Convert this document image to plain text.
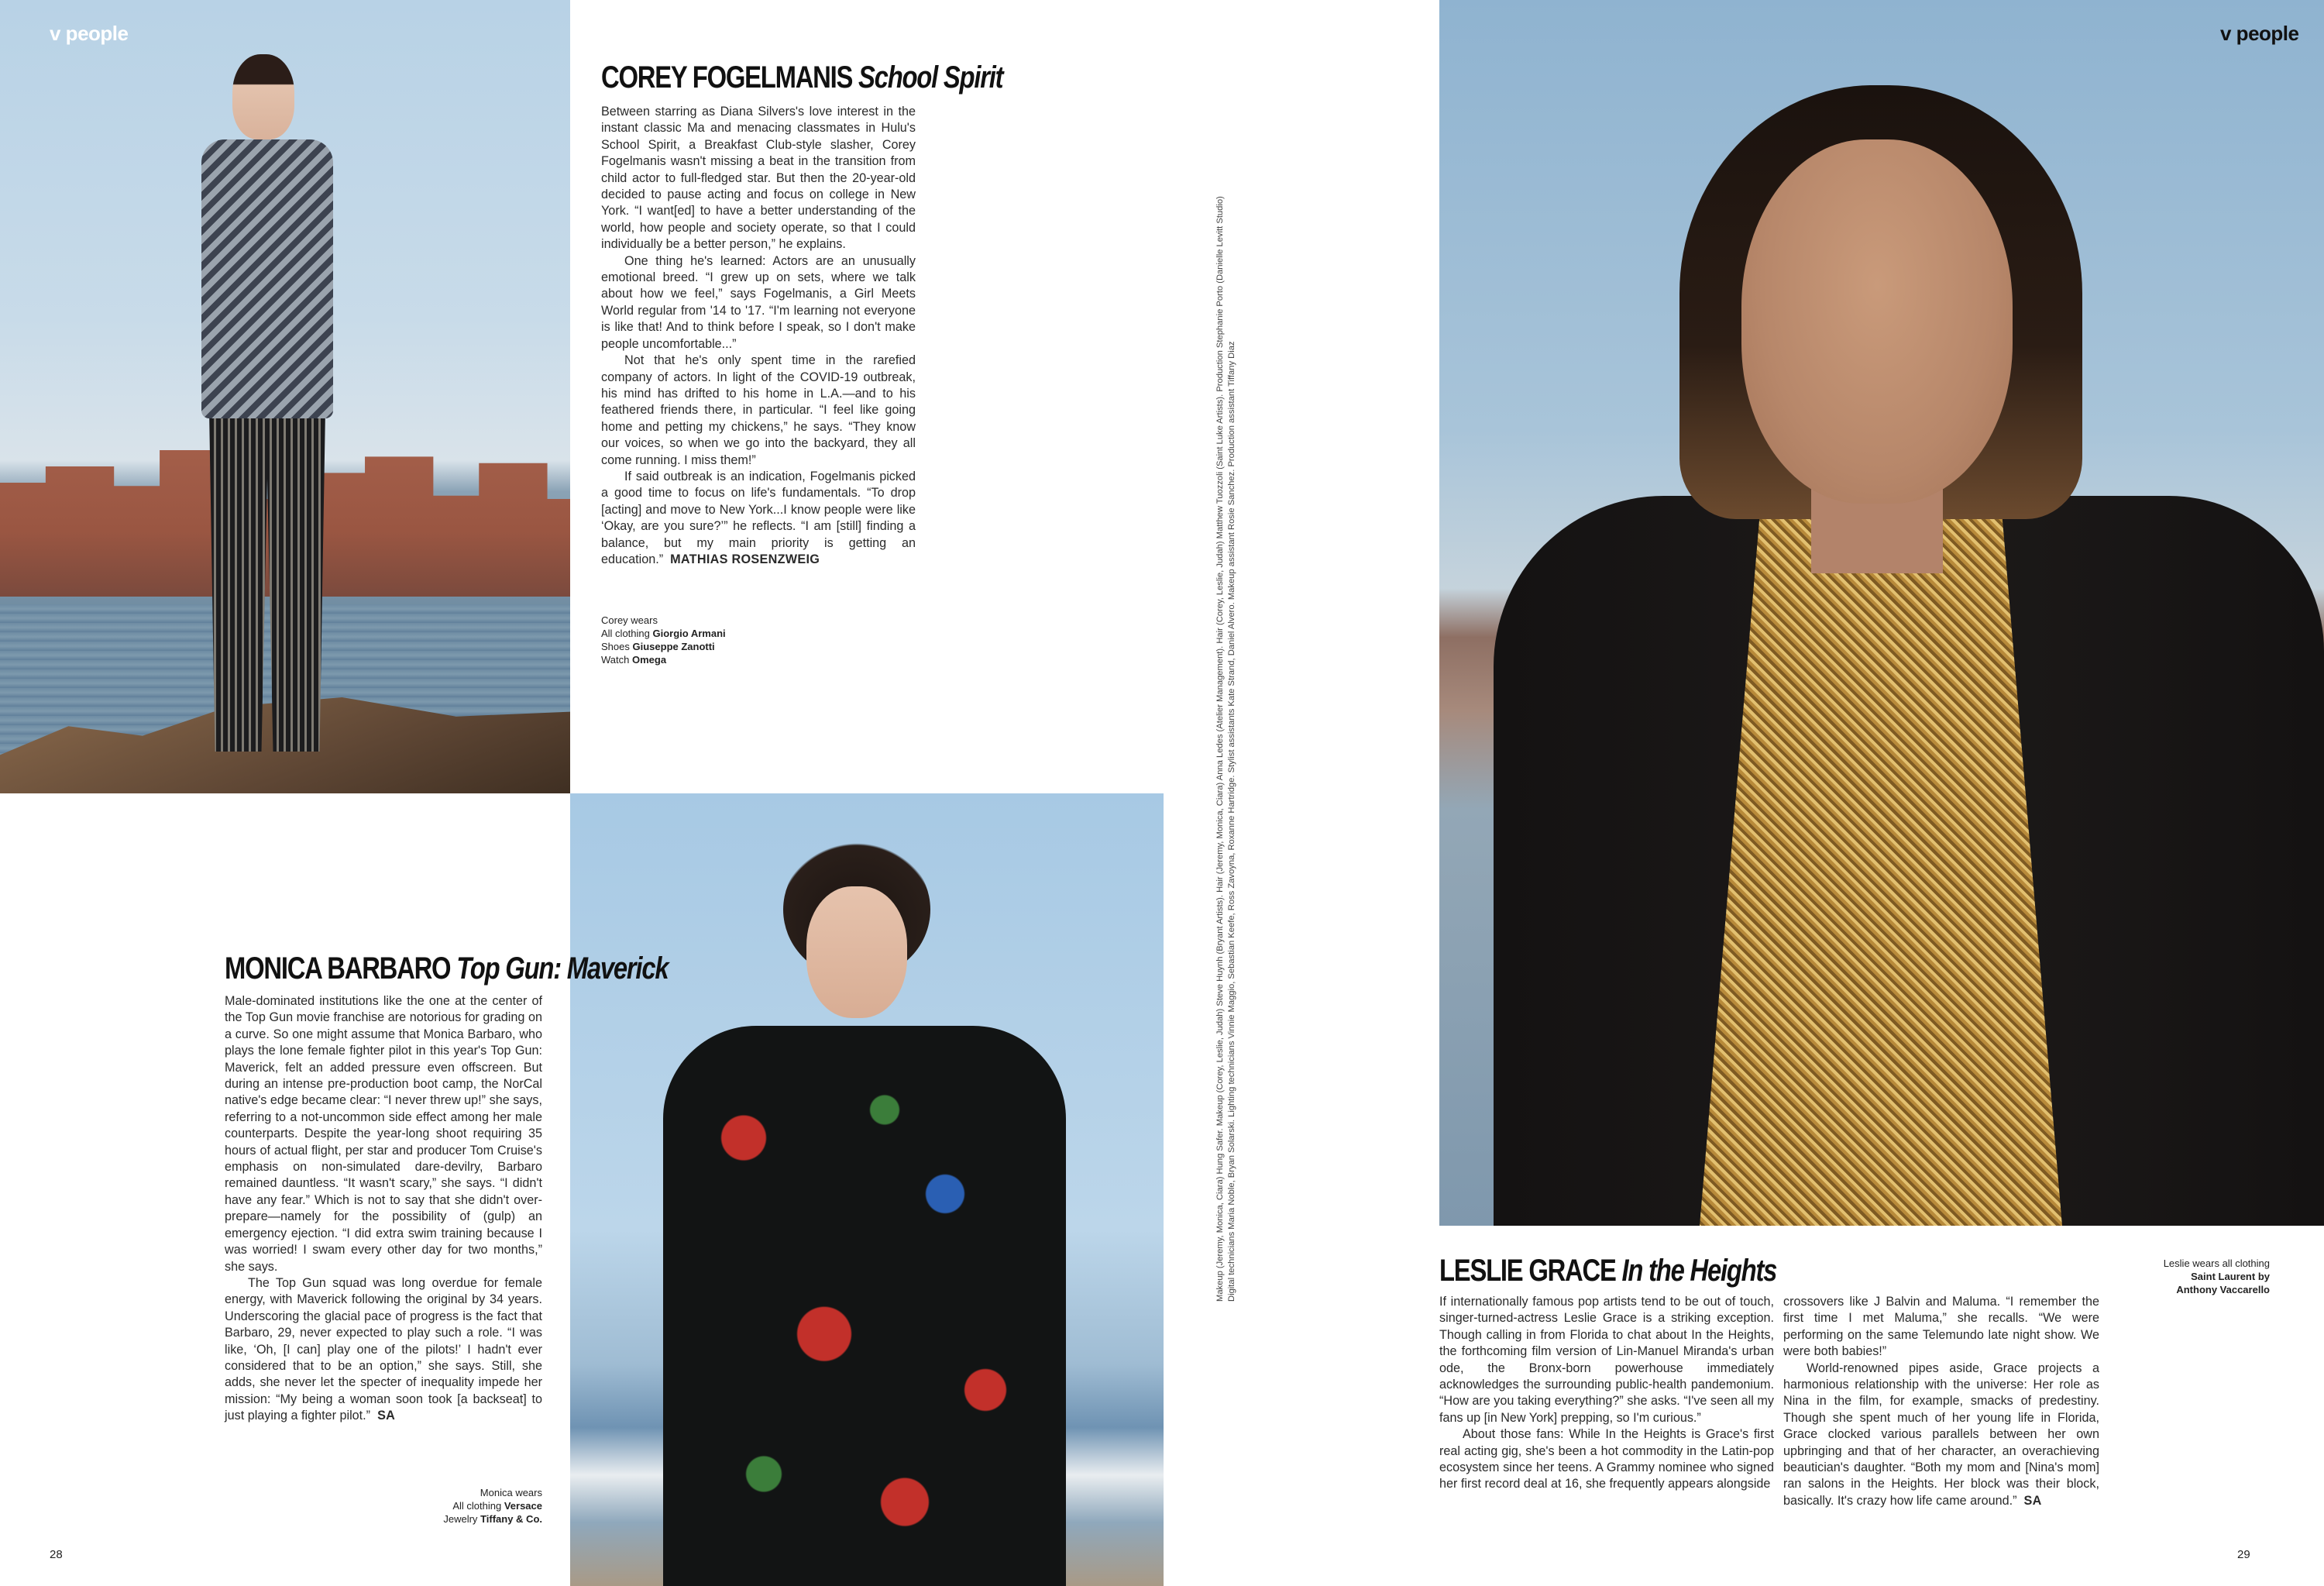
v people	v people
COREY FOGELMANIS School Spirit

Between starring as Diana Silvers's love interest in the instant classic Ma and menacing classmates in Hulu's School Spirit, a Breakfast Club-style slasher, Corey Fogelmanis wasn't missing a beat in the transition from child actor to full-fledged star. But then the 20-year-old decided to pause acting and focus on college in New York. “I want[ed] to have a better understanding of the world, how people and society operate, so that I could individually be a better person,” he explains.

One thing he's learned: Actors are an unusually emotional breed. “I grew up on sets, where we talk about how we feel,” says Fogelmanis, a Girl Meets World regular from '14 to '17. “I'm learning not everyone is like that! And to think before I speak, so I don't make people uncomfortable...”

Not that he's only spent time in the rarefied company of actors. In light of the COVID-19 outbreak, his mind has drifted to his home in L.A.—and to his feathered friends there, in particular. “I feel like going home and petting my chickens,” he says. “They know our voices, so when we go into the backyard, they all come running. I miss them!”

If said outbreak is an indication, Fogelmanis picked a good time to focus on life's fundamentals. “To drop [acting] and move to New York...I know people were like ‘Okay, are you sure?’” he reflects. “I am [still] finding a balance, but my main priority is getting an education.” MATHIAS ROSENZWEIG

Corey wears
All clothing Giorgio Armani
Shoes Giuseppe Zanotti
Watch Omega
MONICA BARBARO Top Gun: Maverick

Male-dominated institutions like the one at the center of the Top Gun movie franchise are notorious for grading on a curve. So one might assume that Monica Barbaro, who plays the lone female fighter pilot in this year's Top Gun: Maverick, felt an added pressure even offscreen. But during an intense pre-production boot camp, the NorCal native's edge became clear: “I never threw up!” she says, referring to a not-uncommon side effect among her male counterparts. Despite the year-long shoot requiring 35 hours of actual flight, per star and producer Tom Cruise's emphasis on non-simulated dare-devilry, Barbaro remained dauntless. “It wasn't scary,” she says. “I didn't have any fear.” Which is not to say that she didn't over-prepare—namely for the possibility of (gulp) an emergency ejection. “I did extra swim training because I was worried! I swam every other day for two months,” she says.

The Top Gun squad was long overdue for female energy, with Maverick following the original by 34 years. Underscoring the glacial pace of progress is the fact that Barbaro, 29, never expected to play such a role. “I was like, ‘Oh, [I can] play one of the pilots!’ I hadn't ever considered that to be an option,” she says. Still, she adds, she never let the specter of inequality impede her mission: “My being a woman soon took [a backseat] to just playing a fighter pilot.” SA

Monica wears
All clothing Versace
Jewelry Tiffany & Co.
LESLIE GRACE In the Heights	Leslie wears all clothing
Saint Laurent by
Anthony Vaccarello

If internationally famous pop artists tend to be out of touch, singer-turned-actress Leslie Grace is a striking exception. Though calling in from Florida to chat about In the Heights, the forthcoming film version of Lin-Manuel Miranda's urban ode, the Bronx-born powerhouse immediately acknowledges the surrounding public-health pandemonium. “How are you taking everything?” she asks. “I've seen all my fans up [in New York] prepping, so I'm curious.”

About those fans: While In the Heights is Grace's first real acting gig, she's been a hot commodity in the Latin-pop ecosystem since her teens. A Grammy nominee who signed her first record deal at 16, she frequently appears alongside

crossovers like J Balvin and Maluma. “I remember the first time I met Maluma,” she recalls. “We were performing on the same Telemundo late night show. We were both babies!”

World-renowned pipes aside, Grace projects a harmonious relationship with the universe: Her role as Nina in the film, for example, smacks of predestiny. Though she spent much of her young life in Florida, Grace clocked various parallels between her own upbringing and that of her character, an overachieving beautician's daughter. “Both my mom and [Nina's mom] ran salons in the Heights. Her block was their block, basically. It's crazy how life came around.” SA

Makeup (Jeremy, Monica, Ciara) Hung Safer. Makeup (Corey, Leslie, Judah) Steve Huynh (Bryant Artists). Hair (Jeremy, Monica, Ciara) Anna Ledes (Atelier Management). Hair (Corey, Leslie, Judah) Matthew Tuozzoli (Saint Luke Artists). Production Stephanie Porto (Danielle Levitt Studio) Digital technicians Maria Noble, Bryan Solarski. Lighting technicians Vinnie Maggio, Sebastian Keefe, Ross Zavoyna, Roxanne Hartridge. Stylist assistants Kate Strand, Daniel Alvero. Makeup assistant Rosie Sanchez. Production assistant Tiffany Diaz
28	29
